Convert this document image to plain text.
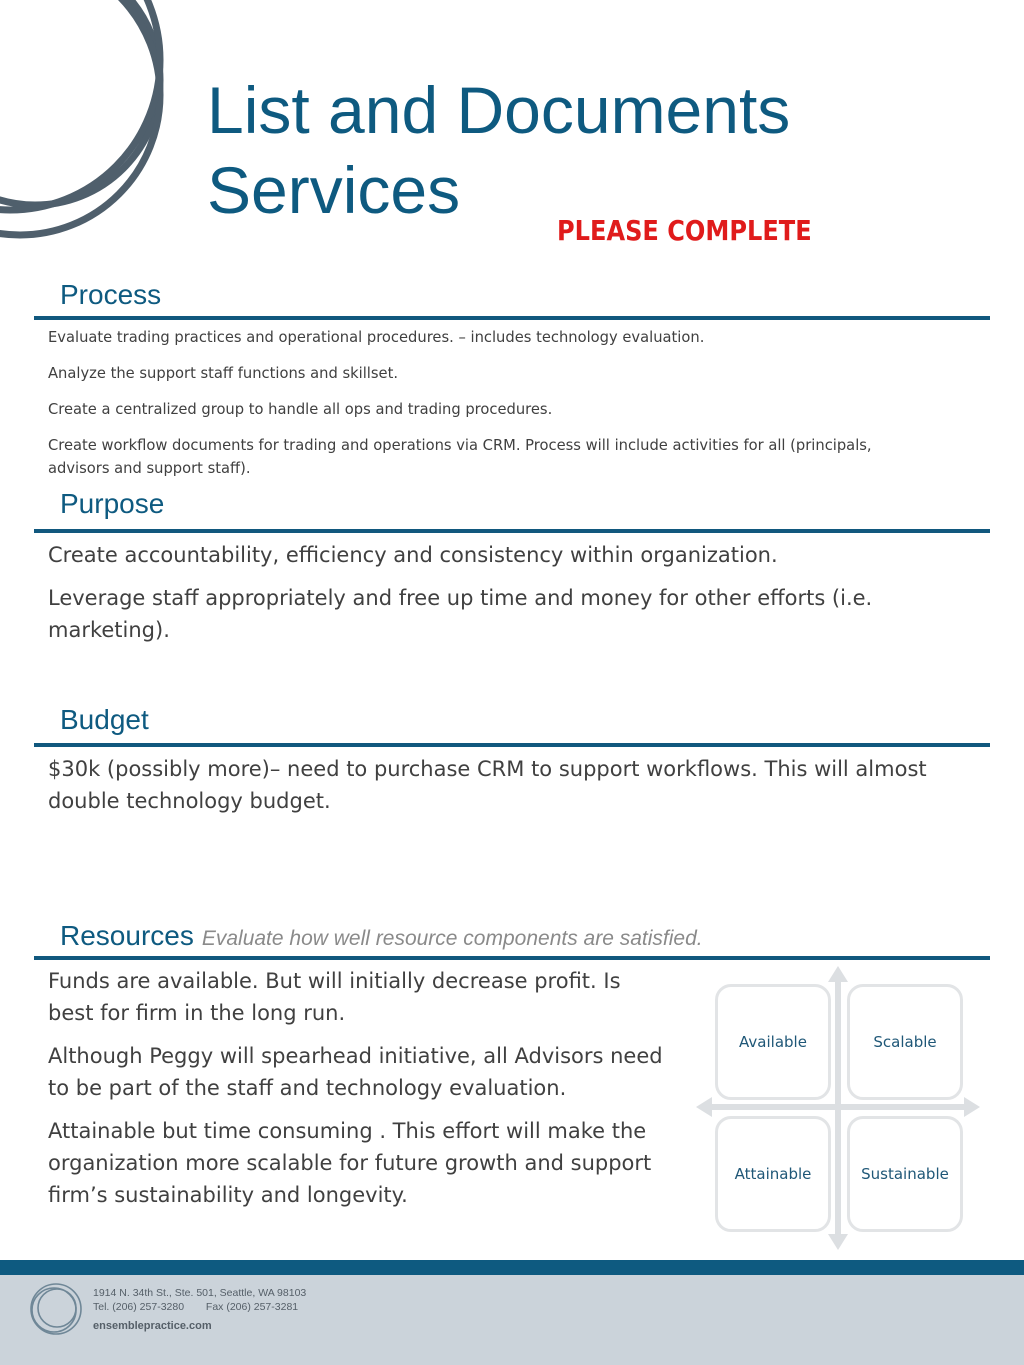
List and Documents
Services
PLEASE COMPLETE
Process

Evaluate trading practices and operational procedures. – includes technology evaluation.

Analyze the support staff functions and skillset.

Create a centralized group to handle all ops and trading procedures.

Create workflow documents for trading and operations via CRM. Process will include activities for all (principals, advisors and support staff).

Purpose

Create accountability, efficiency and consistency within organization.

Leverage staff appropriately and free up time and money for other efforts (i.e. marketing).

Budget

$30k (possibly more)– need to purchase CRM to support workflows. This will almost double technology budget.

Resources Evaluate how well resource components are satisfied.

Funds are available. But will initially decrease profit. Is best for firm in the long run.

Although Peggy will spearhead initiative, all Advisors need to be part of the staff and technology evaluation.

Attainable but time consuming . This effort will make the organization more scalable for future growth and support firm’s sustainability and longevity.

Available	Scalable
Attainable	Sustainable
1914 N. 34th St., Ste. 501, Seattle, WA 98103
Tel. (206) 257-3280 Fax (206) 257-3281
ensemblepractice.com
